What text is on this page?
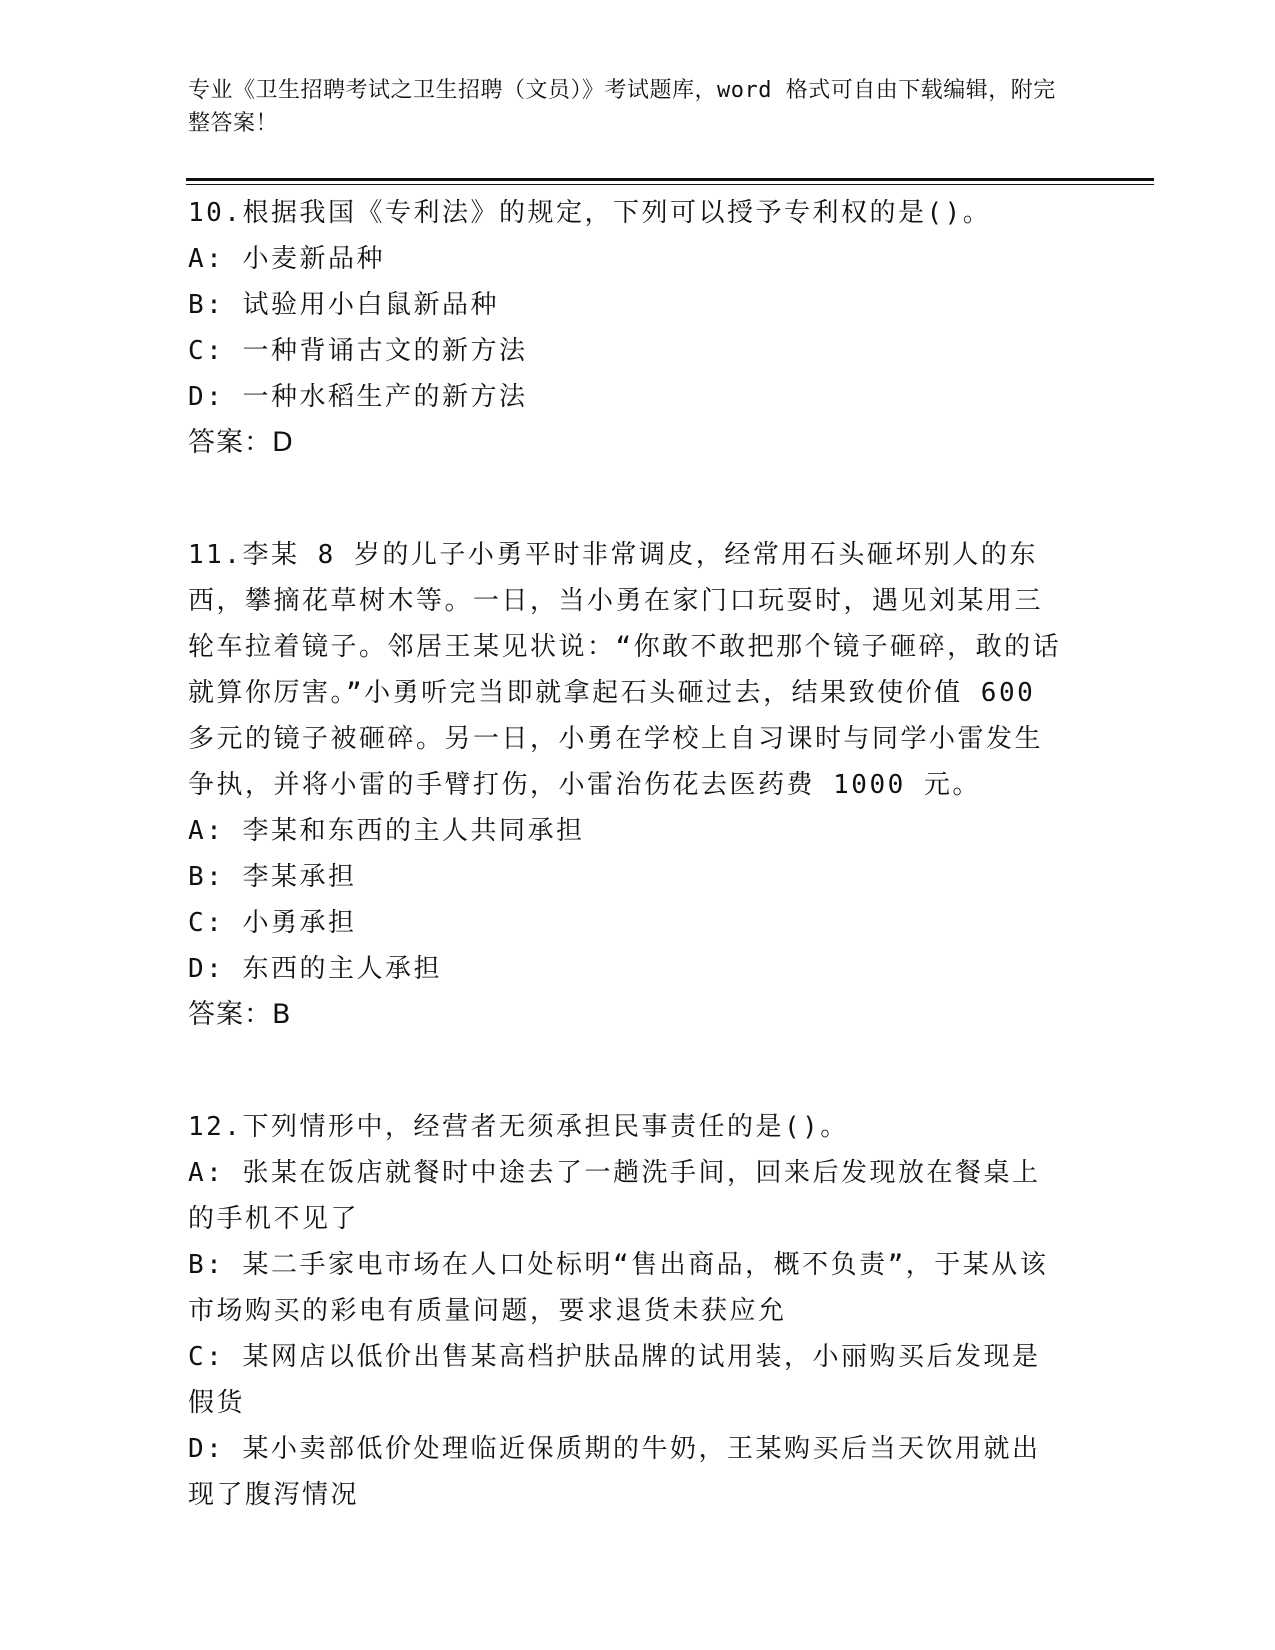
专业《卫生招聘考试之卫生招聘（文员）》考试题库，word 格式可自由下载编辑，附完整答案！

10.根据我国《专利法》的规定，下列可以授予专利权的是()。

A: 小麦新品种

B: 试验用小白鼠新品种

C: 一种背诵古文的新方法

D: 一种水稻生产的新方法

答案：D

11.李某 8 岁的儿子小勇平时非常调皮，经常用石头砸坏别人的东西，攀摘花草树木等。一日，当小勇在家门口玩耍时，遇见刘某用三轮车拉着镜子。邻居王某见状说：“你敢不敢把那个镜子砸碎，敢的话就算你厉害。”小勇听完当即就拿起石头砸过去，结果致使价值 600 多元的镜子被砸碎。另一日，小勇在学校上自习课时与同学小雷发生争执，并将小雷的手臂打伤，小雷治伤花去医药费 1000 元。

A: 李某和东西的主人共同承担

B: 李某承担

C: 小勇承担

D: 东西的主人承担

答案：B

12.下列情形中，经营者无须承担民事责任的是()。

A: 张某在饭店就餐时中途去了一趟洗手间，回来后发现放在餐桌上的手机不见了

B: 某二手家电市场在人口处标明“售出商品，概不负责”，于某从该市场购买的彩电有质量问题，要求退货未获应允

C: 某网店以低价出售某高档护肤品牌的试用装，小丽购买后发现是假货

D: 某小卖部低价处理临近保质期的牛奶，王某购买后当天饮用就出现了腹泻情况
